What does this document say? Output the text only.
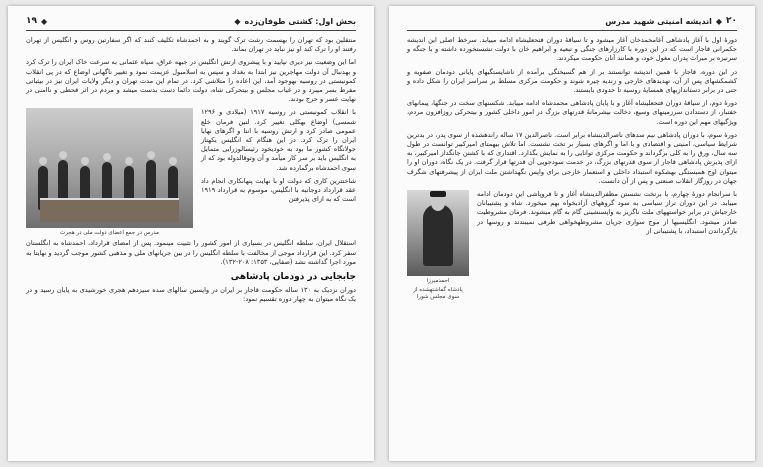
بخش اول: کشتی طوفان‌زده
◆
◆
۱۹

منتقلین بود که تهران را بهسمت رشت ترک گویند و به احمدشاه تکلیف کنند که اگر سفارتین روس و انگلیس از تهران رفتند او را ترک کند او نیز نباید در تهران بماند.

اما این وضعیت نیز دیری نپایید و با پیشروی ارتش انگلیس در جبهه عراق، سپاه عثمانی به سرعت خاک ایران را ترک کرد و بهدنبال آن دولت مهاجرین نیز ابتدا به بغداد و سپس به اسلامبول عزیمت نمود و تغییر ناگهانی اوضاع که در پی انقلاب کمونیستی در روسیه بهوجود آمد، این اعاده را متلاشی کرد. در تمام این مدت تهران و دیگر ولایات ایران نیز در بیثباتی مفرط بسر میبرد و در غیاب مجلس و بیتحرکی شاه، دولت دائما دست بدست میشد و مردم در اثر قحطی و ناامنی در نهایت عسر و حرج بودند.

مدرس در جمع اعضای دولت ملی در هجرت

با انقلاب کمونیستی در روسیه ۱۹۱۷ (میلادی و ۱۲۹۶ شمسی) اوضاع بهکلی تغییر کرد. لنین فرمان خلع عمومی صادر کرد و ارتش روسیه با انتا و اگرهای نهایا ایران را ترک کرد. در این هنگام که انگلیس یکهتاز جولانگاه کشور ما بود به خودیخود رئیسالوزرایی متمایل به انگلیس باید بر سر کار میآمد و آن وثوقالدوله بود که از سوی احمدشاه برگمارده شد.

شاختترین کاری که دولت او با نهایت پنهانکاری انجام داد عقد قرارداد دوجانبه با انگلیس، موسوم به قرارداد ۱۹۱۹ است که به ازای پذیرفتن

استقلال ایران، سلطه انگلیس در بسیاری از امور کشور را تثبیت مینمود. پس از امضای قرارداد، احمدشاه به انگلستان سفر کرد. این قرارداد موجی از مخالفت با سلطه انگلیس را در بین جریانهای ملی و مذهبی کشور موجب گردید و نهایتا به مورد اجرا گذاشته نشد (صفایی، ۱۳۵۳: ۲۰۸-۱۳۲).

جابجایی در دودمان پادشاهی

دوران نزدیک به ۱۳۰ ساله حکومت قاجار بر ایران در واپسین سالهای سده سیزدهم هجری خورشیدی به پایان رسید و در یک نگاه میتوان به چهار دوره تقسیم نمود:

۲۰
◆
اندیشه امنیتی شهید مدرس

دورهٔ اول با آغاز پادشاهی آغامحمدخان آغاز میشود و تا سیاقهٔ دوران فتحعلیشاه ادامه مییابد. سرخط اصلی این اندیشه حکمرانی قاجار است که در این دوره با کارزارهای جنگی و تبعیه و ابراهیم خان با دولت نشستخورده داشته و با جنگه و سرنیزه بر میراث پدران مغول خود، و همانند آنان حکومت میکردند.

در این دوره، قاجار با همین اندیشه توانستند بر از هم گسیختگی برآمده از ناشایستگیهای پایانی دودمان صفویه و کشمکشهای پس از آن، تهدیدهای خارجی و زندیه چیره شوند و حکومت مرکزی مسلط بر سراسر ایران را شکل داده و حتی در برابر دستاندازیهای همسایهٔ روسیه تا حدودی بایستند.

دورهٔ دوم، از سیاقهٔ دوران فتحعلیشاه آغاز و با پایان پادشاهی محمدشاه ادامه مییابد. شکستهای سخت در جنگها، پیمانهای خفتبار، از دستدادن سرزمینهای وسیع، دخالت بیشرمانهٔ قدرتهای بزرگ در امور داخلی کشور و بیتحرکی روزافزون مردم، ویژگیهای مهم این دوره است.

دورهٔ سوم، با دوران پادشاهی نیم سدهای ناصرالدینشاه برابر است. ناصرالدین ۱۷ ساله راندهشده از سوی پدر، در بدترین شرایط سیاسی، امنیتی و اقتصادی و با اما و اگرهای بسیار بر تخت نشست. اما تلاش بیهمتای امیرکبیر توانست در طول سه سال، ورق را به کلی برگرداند و حکومت مرکزی توانایی را به نمایش بگذارد. اقتداری که با کشتن جانگداز امیرکبیر، به ازای پذیرش پادشاهی قاجار از سوی قدرتهای بزرگ، در خدمت سودجویی آن قدرتها قرار گرفت. در یک نگاه، دوران او را میتوان اوج همبستگی بهشکوه استبداد داخلی و استعمار خارجی برای واپس نگهداشتن ملت ایران از پیشرفتهای شگرف جهان در روزگار انقلاب صنعتی و پس از آن دانست.

احمدمیرزا
پادشاه گماشتهشده از سوی مجلس شورا

با سرانجام دورهٔ چهارم، با برتخت نشستن مظفرالدینشاه آغاز و تا فروپاشی این دودمان ادامه مییابد. در این دوران تراز سیاسی به سود گروههای آزادیخواه بهم میخورد. شاه و پشتیبانان خارجیاش در برابر خواستههای ملت ناگزیر به واپسنشینی گام به گام میشوند. فرمان مشروطیت صادر میشود. انگلیسیها از موج سواری جریان مشروطهخواهی طرفی نمیبندند و روسها در بازگرداندن استبداد، با پشتیبانی از
